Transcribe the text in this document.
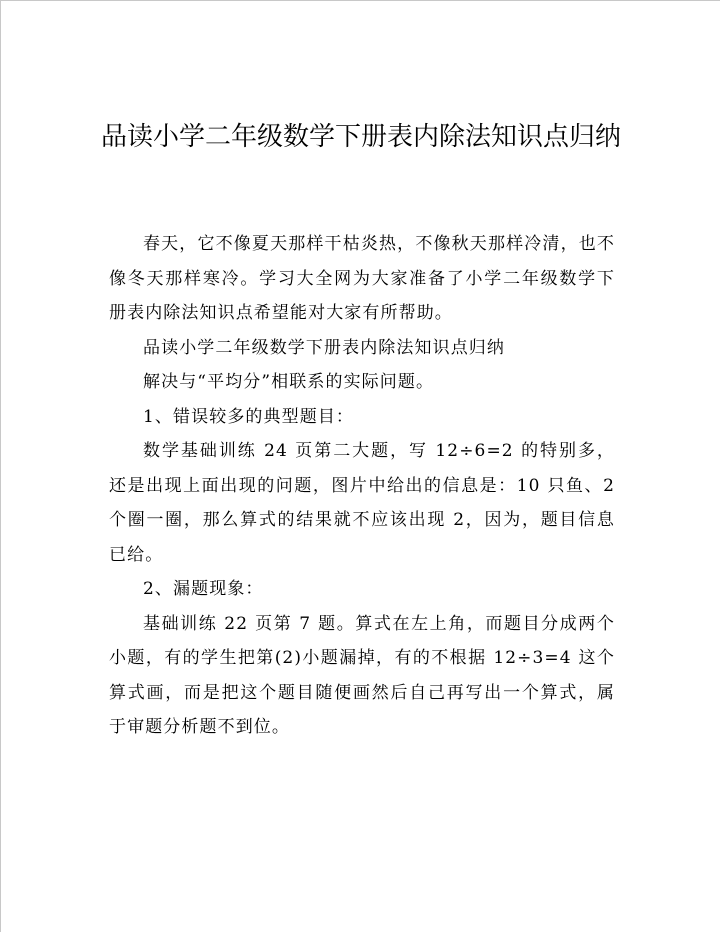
品读小学二年级数学下册表内除法知识点归纳

春天，它不像夏天那样干枯炎热，不像秋天那样冷清，也不像冬天那样寒冷。学习大全网为大家准备了小学二年级数学下册表内除法知识点希望能对大家有所帮助。

品读小学二年级数学下册表内除法知识点归纳

解决与“平均分”相联系的实际问题。

1、错误较多的典型题目：

数学基础训练 24 页第二大题，写 12÷6=2 的特别多，还是出现上面出现的问题，图片中给出的信息是：10 只鱼、2 个圈一圈，那么算式的结果就不应该出现 2，因为，题目信息已给。

2、漏题现象：

基础训练 22 页第 7 题。算式在左上角，而题目分成两个小题，有的学生把第(2)小题漏掉，有的不根据 12÷3=4 这个算式画，而是把这个题目随便画然后自己再写出一个算式，属于审题分析题不到位。
